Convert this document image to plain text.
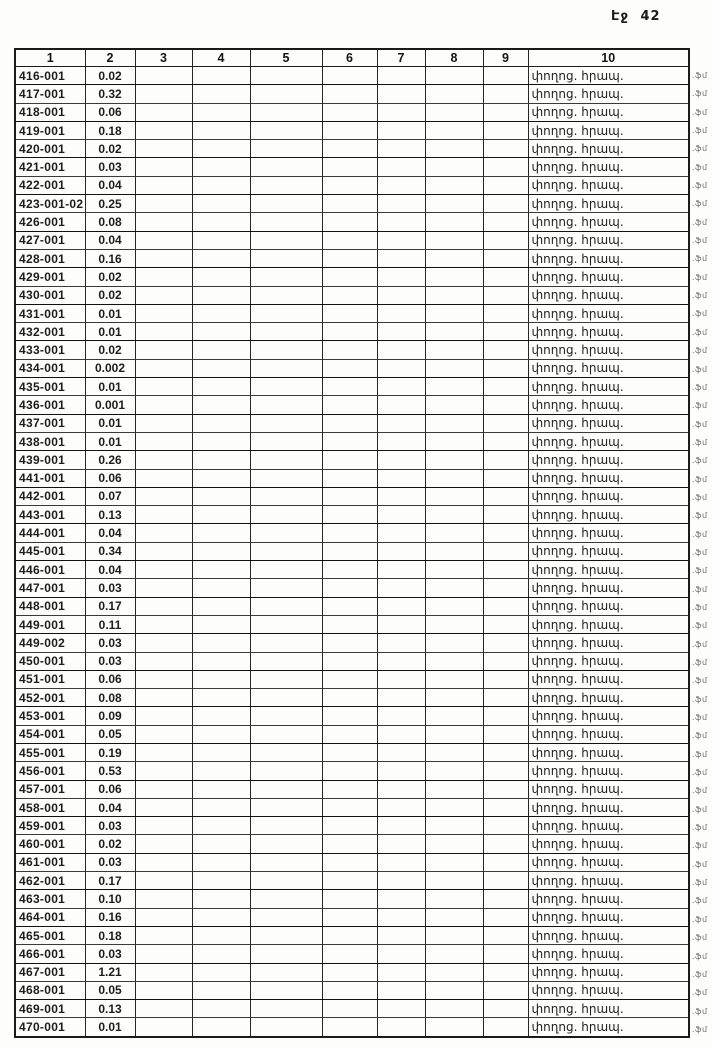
Էջ 42
1	2	3	4	5	6	7	8	9	10
416-001	0.02								փողոց. հրապ.
417-001	0.32								փողոց. հրապ.
418-001	0.06								փողոց. հրապ.
419-001	0.18								փողոց. հրապ.
420-001	0.02								փողոց. հրապ.
421-001	0.03								փողոց. հրապ.
422-001	0.04								փողոց. հրապ.
423-001-02	0.25								փողոց. հրապ.
426-001	0.08								փողոց. հրապ.
427-001	0.04								փողոց. հրապ.
428-001	0.16								փողոց. հրապ.
429-001	0.02								փողոց. հրապ.
430-001	0.02								փողոց. հրապ.
431-001	0.01								փողոց. հրապ.
432-001	0.01								փողոց. հրապ.
433-001	0.02								փողոց. հրապ.
434-001	0.002								փողոց. հրապ.
435-001	0.01								փողոց. հրապ.
436-001	0.001								փողոց. հրապ.
437-001	0.01								փողոց. հրապ.
438-001	0.01								փողոց. հրապ.
439-001	0.26								փողոց. հրապ.
441-001	0.06								փողոց. հրապ.
442-001	0.07								փողոց. հրապ.
443-001	0.13								փողոց. հրապ.
444-001	0.04								փողոց. հրապ.
445-001	0.34								փողոց. հրապ.
446-001	0.04								փողոց. հրապ.
447-001	0.03								փողոց. հրապ.
448-001	0.17								փողոց. հրապ.
449-001	0.11								փողոց. հրապ.
449-002	0.03								փողոց. հրապ.
450-001	0.03								փողոց. հրապ.
451-001	0.06								փողոց. հրապ.
452-001	0.08								փողոց. հրապ.
453-001	0.09								փողոց. հրապ.
454-001	0.05								փողոց. հրապ.
455-001	0.19								փողոց. հրապ.
456-001	0.53								փողոց. հրապ.
457-001	0.06								փողոց. հրապ.
458-001	0.04								փողոց. հրապ.
459-001	0.03								փողոց. հրապ.
460-001	0.02								փողոց. հրապ.
461-001	0.03								փողոց. հրապ.
462-001	0.17								փողոց. հրապ.
463-001	0.10								փողոց. հրապ.
464-001	0.16								փողոց. հրապ.
465-001	0.18								փողոց. հրապ.
466-001	0.03								փողոց. հրապ.
467-001	1.21								փողոց. հրապ.
468-001	0.05								փողոց. հրապ.
469-001	0.13								փողոց. հրապ.
470-001	0.01								փողոց. հրապ.
.ֆմ
.ֆմ
.ֆմ
.ֆմ
.ֆմ
.ֆմ
.ֆմ
.ֆմ
.ֆմ
.ֆմ
.ֆմ
.ֆմ
.ֆմ
.ֆմ
.ֆմ
.ֆմ
.ֆմ
.ֆմ
.ֆմ
.ֆմ
.ֆմ
.ֆմ
.ֆմ
.ֆմ
.ֆմ
.ֆմ
.ֆմ
.ֆմ
.ֆմ
.ֆմ
.ֆմ
.ֆմ
.ֆմ
.ֆմ
.ֆմ
.ֆմ
.ֆմ
.ֆմ
.ֆմ
.ֆմ
.ֆմ
.ֆմ
.ֆմ
.ֆմ
.ֆմ
.ֆմ
.ֆմ
.ֆմ
.ֆմ
.ֆմ
.ֆմ
.ֆմ
.ֆմ
